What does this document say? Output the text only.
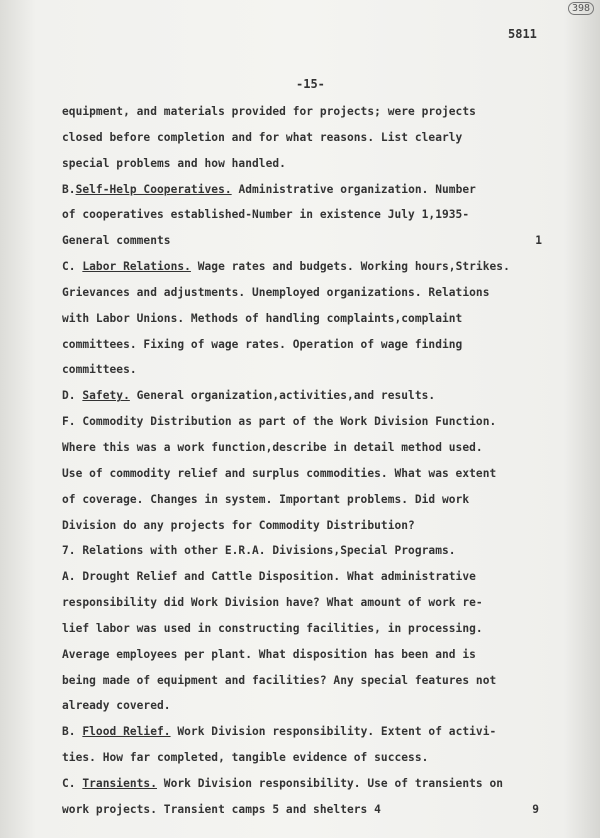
398
5811
-15-
equipment, and materials provided for projects; were projects
closed before completion and for what reasons. List clearly
special problems and how handled.
B.Self-Help Cooperatives. Administrative organization. Number
of cooperatives established-Number in existence July 1,1935-
General comments	1
C. Labor Relations. Wage rates and budgets. Working hours,Strikes.
Grievances and adjustments. Unemployed organizations. Relations
with Labor Unions. Methods of handling complaints,complaint
committees. Fixing of wage rates. Operation of wage finding
committees.
D. Safety. General organization,activities,and results.
F. Commodity Distribution as part of the Work Division Function.
Where this was a work function,describe in detail method used.
Use of commodity relief and surplus commodities. What was extent
of coverage. Changes in system. Important problems. Did work
Division do any projects for Commodity Distribution?
7. Relations with other E.R.A. Divisions,Special Programs.
A. Drought Relief and Cattle Disposition. What administrative
responsibility did Work Division have? What amount of work re-
lief labor was used in constructing facilities, in processing.
Average employees per plant. What disposition has been and is
being made of equipment and facilities? Any special features not
already covered.
B. Flood Relief. Work Division responsibility. Extent of activi-
ties. How far completed, tangible evidence of success.
C. Transients. Work Division responsibility. Use of transients on
work projects. Transient camps 5 and shelters 4	9
